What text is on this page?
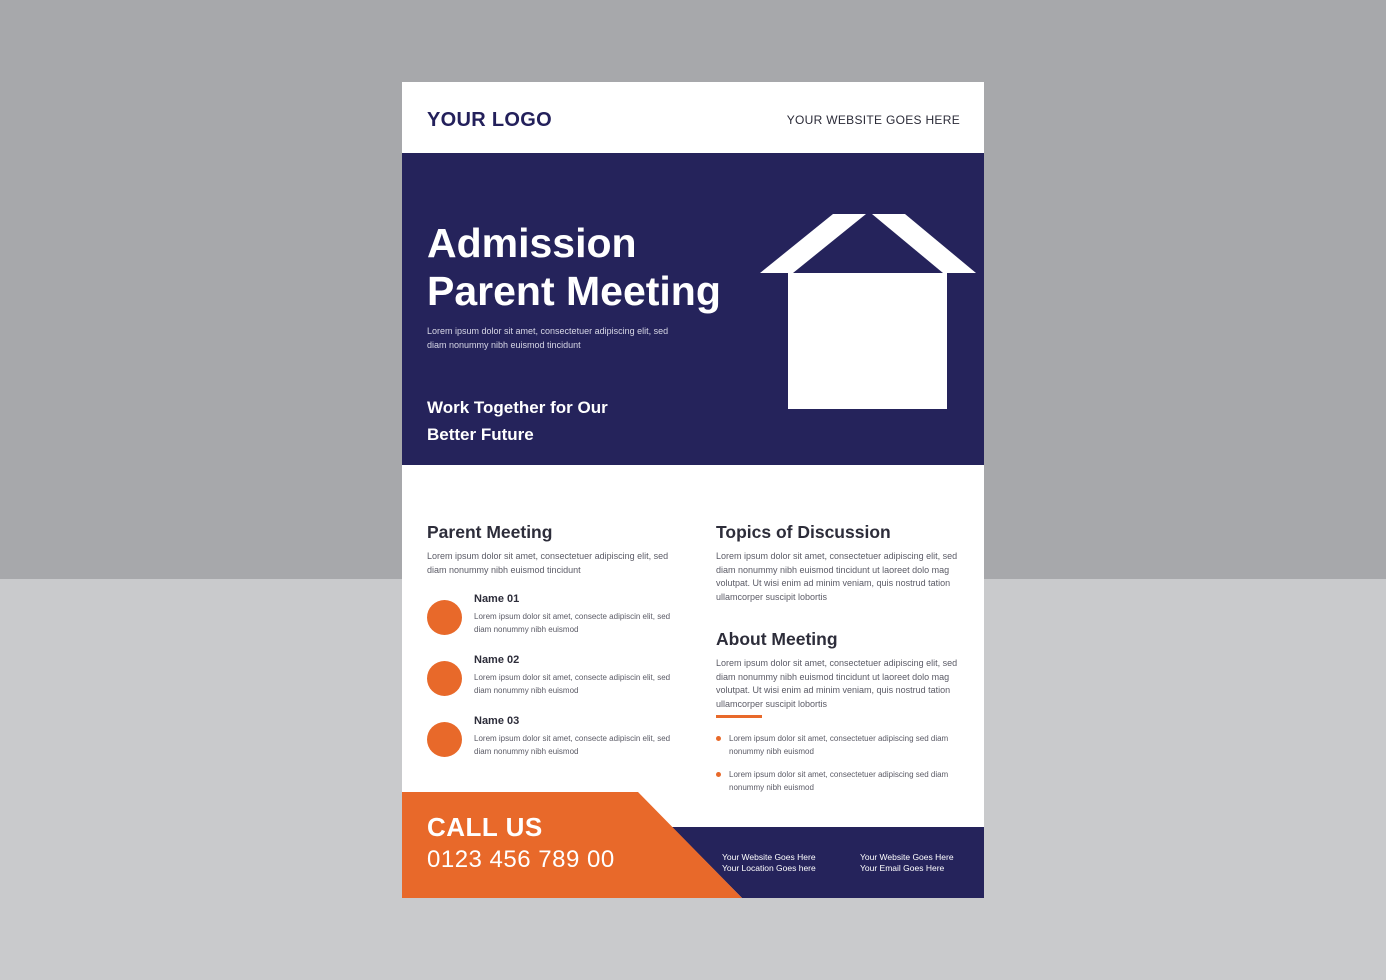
YOUR LOGO	YOUR WEBSITE GOES HERE
Admission
Parent Meeting

Lorem ipsum dolor sit amet, consectetuer adipiscing elit, sed diam nonummy nibh euismod tincidunt

Work Together for Our
Better Future

Parent Meeting

Lorem ipsum dolor sit amet, consectetuer adipiscing elit, sed diam nonummy nibh euismod tincidunt

Name 01

Lorem ipsum dolor sit amet, consecte adipiscin elit, sed diam nonummy nibh euismod

Name 02

Lorem ipsum dolor sit amet, consecte adipiscin elit, sed diam nonummy nibh euismod

Name 03

Lorem ipsum dolor sit amet, consecte adipiscin elit, sed diam nonummy nibh euismod

Topics of Discussion

Lorem ipsum dolor sit amet, consectetuer adipiscing elit, sed diam nonummy nibh euismod tincidunt ut laoreet dolo mag volutpat. Ut wisi enim ad minim veniam, quis nostrud tation ullamcorper suscipit lobortis

About Meeting

Lorem ipsum dolor sit amet, consectetuer adipiscing elit, sed diam nonummy nibh euismod tincidunt ut laoreet dolo mag volutpat. Ut wisi enim ad minim veniam, quis nostrud tation ullamcorper suscipit lobortis

Lorem ipsum dolor sit amet, consectetuer adipiscing sed diam nonummy nibh euismod

Lorem ipsum dolor sit amet, consectetuer adipiscing sed diam nonummy nibh euismod

CALL US
0123 456 789 00	Your Website Goes Here
Your Location Goes here
Your Website Goes Here
Your Email Goes Here
